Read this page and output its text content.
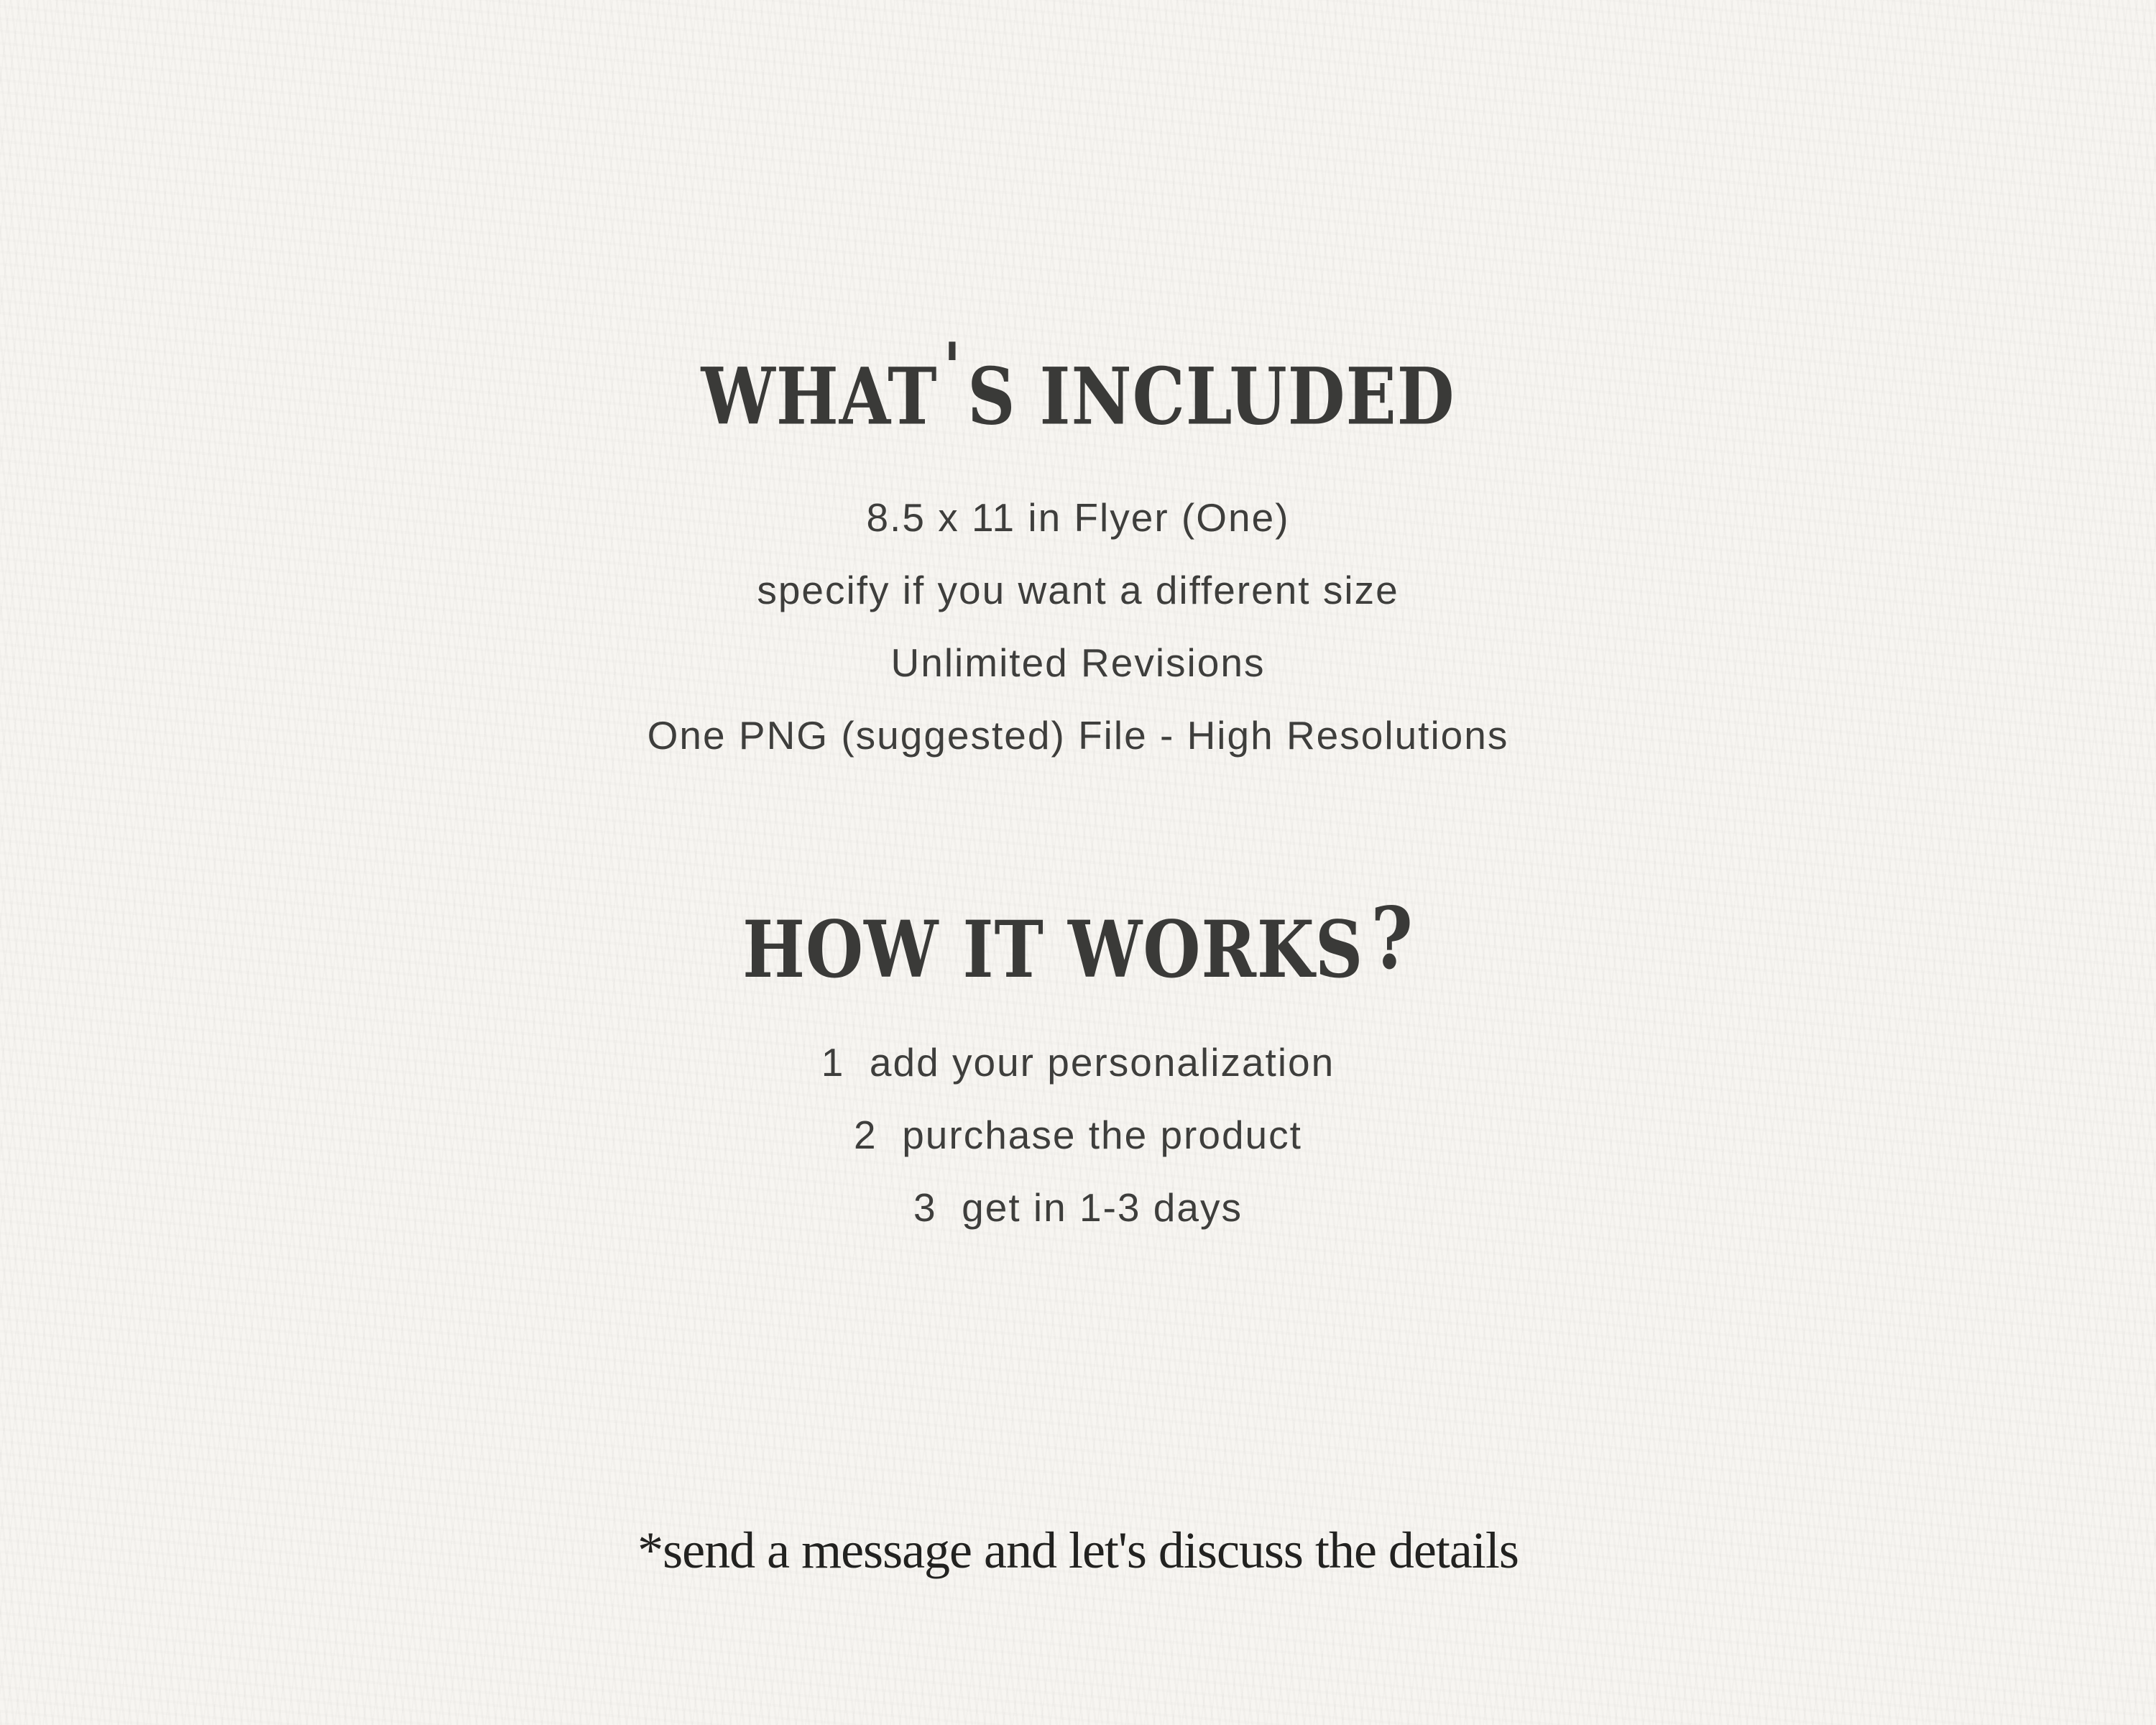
WHAT 'S INCLUDED
8.5 x 11 in Flyer (One)
specify if you want a different size
Unlimited Revisions
One PNG (suggested) File - High Resolutions
HOW IT WORKS ?
1  add your personalization
2  purchase the product
3  get in 1-3 days
*send a message and let's discuss the details
